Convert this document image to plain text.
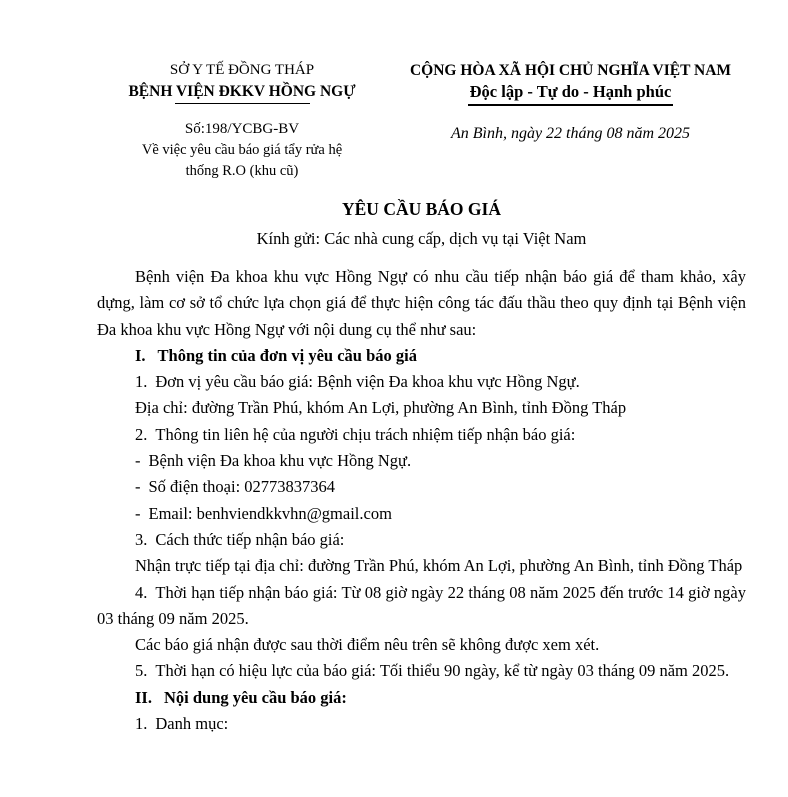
SỞ Y TẾ ĐỒNG THÁP
BỆNH VIỆN ĐKKV HỒNG NGỰ
Số:198/YCBG-BV
Về việc yêu cầu báo giá tẩy rửa hệ thống R.O (khu cũ)
CỘNG HÒA XÃ HỘI CHỦ NGHĨA VIỆT NAM
Độc lập - Tự do - Hạnh phúc
An Bình, ngày 22 tháng 08 năm 2025
YÊU CẦU BÁO GIÁ
Kính gửi: Các nhà cung cấp, dịch vụ tại Việt Nam

Bệnh viện Đa khoa khu vực Hồng Ngự có nhu cầu tiếp nhận báo giá để tham khảo, xây dựng, làm cơ sở tổ chức lựa chọn giá để thực hiện công tác đấu thầu theo quy định tại Bệnh viện Đa khoa khu vực Hồng Ngự với nội dung cụ thể như sau:

I. Thông tin của đơn vị yêu cầu báo giá

1. Đơn vị yêu cầu báo giá: Bệnh viện Đa khoa khu vực Hồng Ngự.

Địa chỉ: đường Trần Phú, khóm An Lợi, phường An Bình, tỉnh Đồng Tháp

2. Thông tin liên hệ của người chịu trách nhiệm tiếp nhận báo giá:

- Bệnh viện Đa khoa khu vực Hồng Ngự.

- Số điện thoại: 02773837364

- Email: benhviendkkvhn@gmail.com

3. Cách thức tiếp nhận báo giá:

Nhận trực tiếp tại địa chỉ: đường Trần Phú, khóm An Lợi, phường An Bình, tỉnh Đồng Tháp

4. Thời hạn tiếp nhận báo giá: Từ 08 giờ ngày 22 tháng 08 năm 2025 đến trước 14 giờ ngày 03 tháng 09 năm 2025.

Các báo giá nhận được sau thời điểm nêu trên sẽ không được xem xét.

5. Thời hạn có hiệu lực của báo giá: Tối thiểu 90 ngày, kể từ ngày 03 tháng 09 năm 2025.

II. Nội dung yêu cầu báo giá:

1. Danh mục:
